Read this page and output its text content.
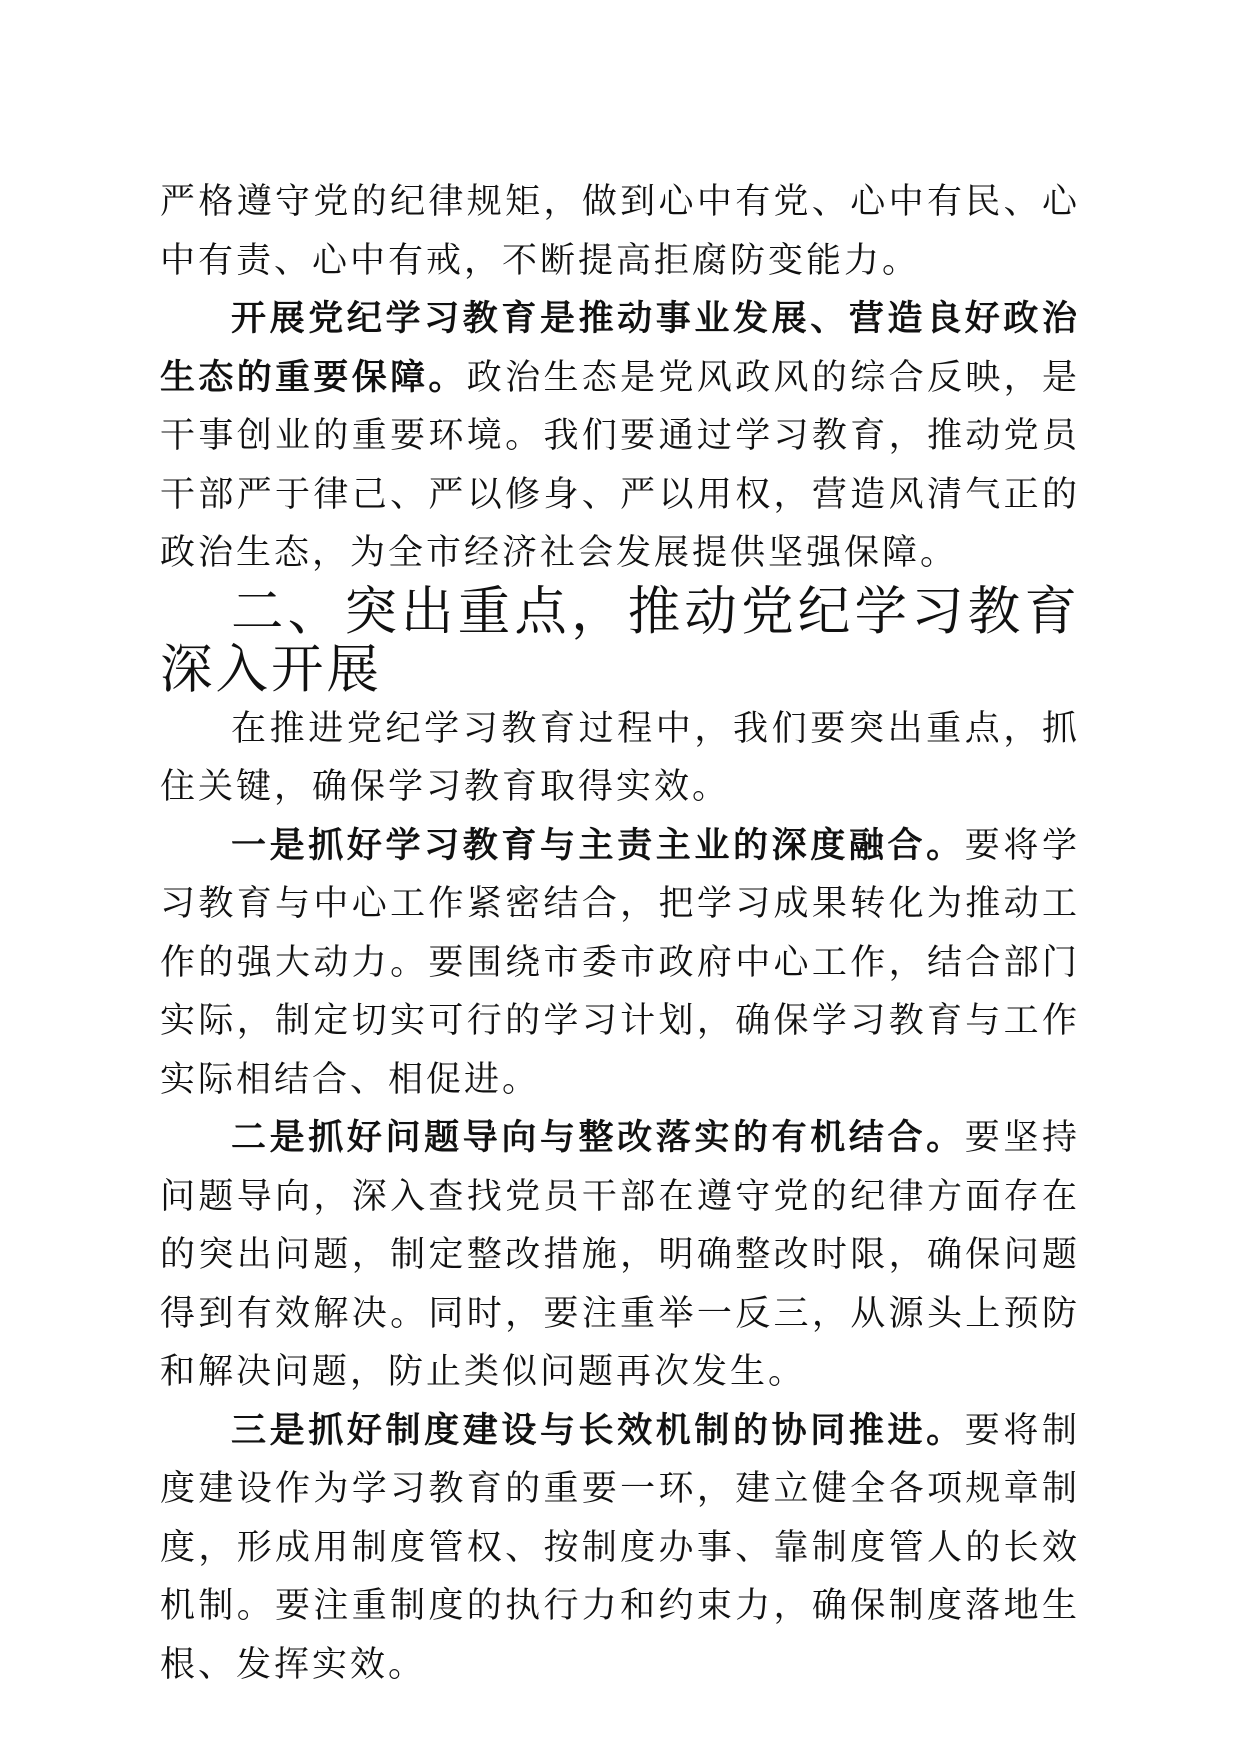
严格遵守党的纪律规矩，做到心中有党、心中有民、心中有责、心中有戒，不断提高拒腐防变能力。

开展党纪学习教育是推动事业发展、营造良好政治生态的重要保障。政治生态是党风政风的综合反映，是干事创业的重要环境。我们要通过学习教育，推动党员干部严于律己、严以修身、严以用权，营造风清气正的政治生态，为全市经济社会发展提供坚强保障。

二、突出重点，推动党纪学习教育深入开展

在推进党纪学习教育过程中，我们要突出重点，抓住关键，确保学习教育取得实效。

一是抓好学习教育与主责主业的深度融合。要将学习教育与中心工作紧密结合，把学习成果转化为推动工作的强大动力。要围绕市委市政府中心工作，结合部门实际，制定切实可行的学习计划，确保学习教育与工作实际相结合、相促进。

二是抓好问题导向与整改落实的有机结合。要坚持问题导向，深入查找党员干部在遵守党的纪律方面存在的突出问题，制定整改措施，明确整改时限，确保问题得到有效解决。同时，要注重举一反三，从源头上预防和解决问题，防止类似问题再次发生。

三是抓好制度建设与长效机制的协同推进。要将制度建设作为学习教育的重要一环，建立健全各项规章制度，形成用制度管权、按制度办事、靠制度管人的长效机制。要注重制度的执行力和约束力，确保制度落地生根、发挥实效。
